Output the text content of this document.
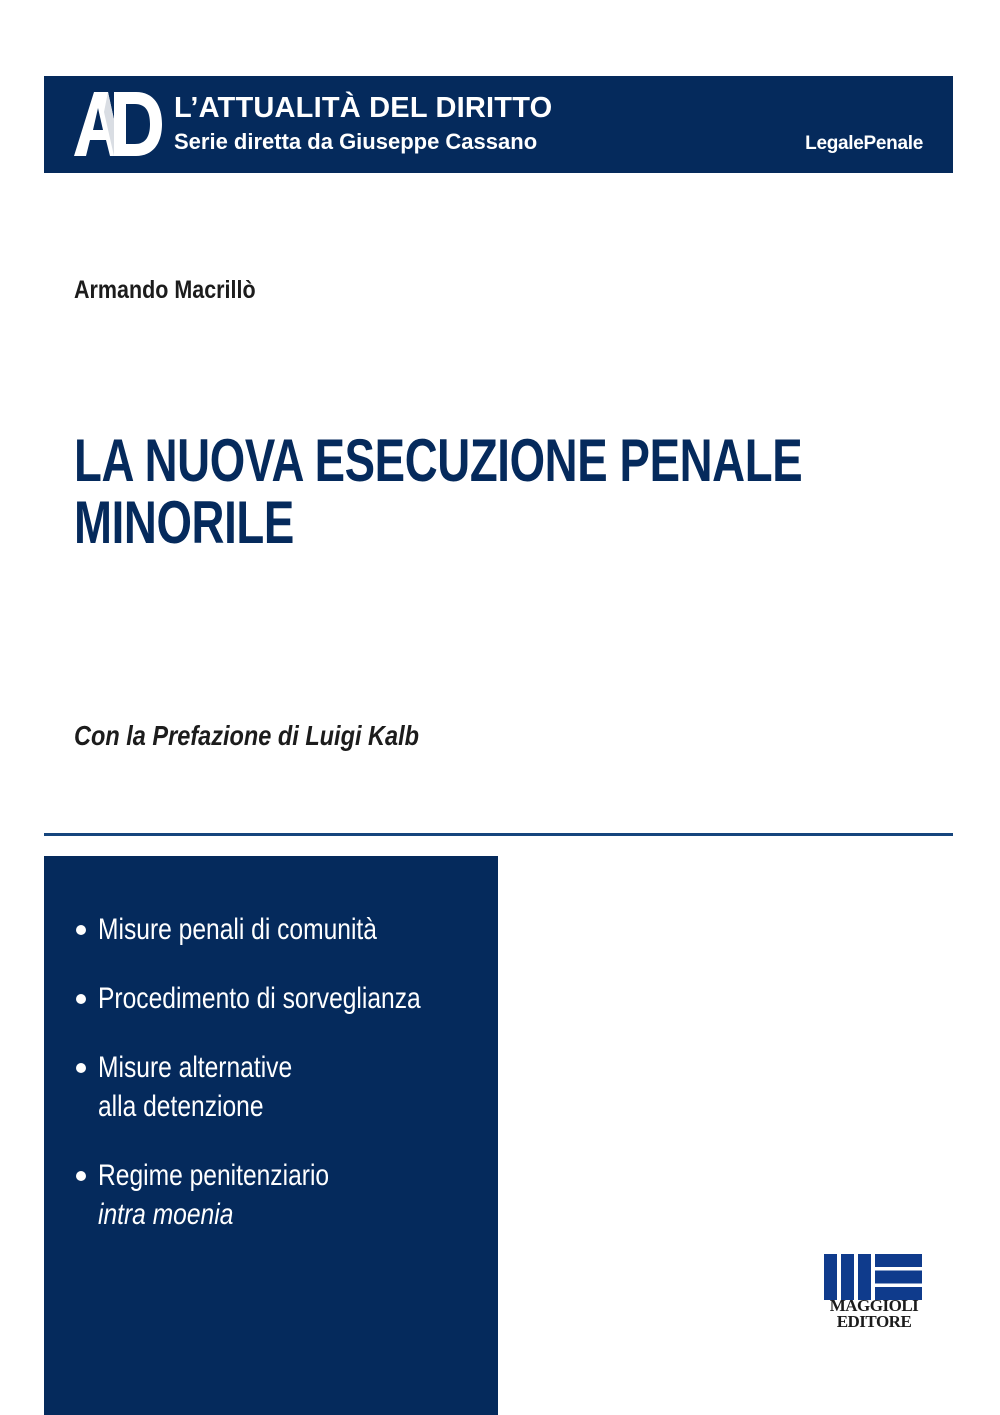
L’ATTUALITÀ DEL DIRITTO
Serie diretta da Giuseppe Cassano	LegalePenale
Armando Macrillò
LA NUOVA ESECUZIONE PENALE
MINORILE
Con la Prefazione di Luigi Kalb
Misure penali di comunità
Procedimento di sorveglianza
Misure alternative
alla detenzione
Regime penitenziario
intra moenia
MAGGIOLI
EDITORE
